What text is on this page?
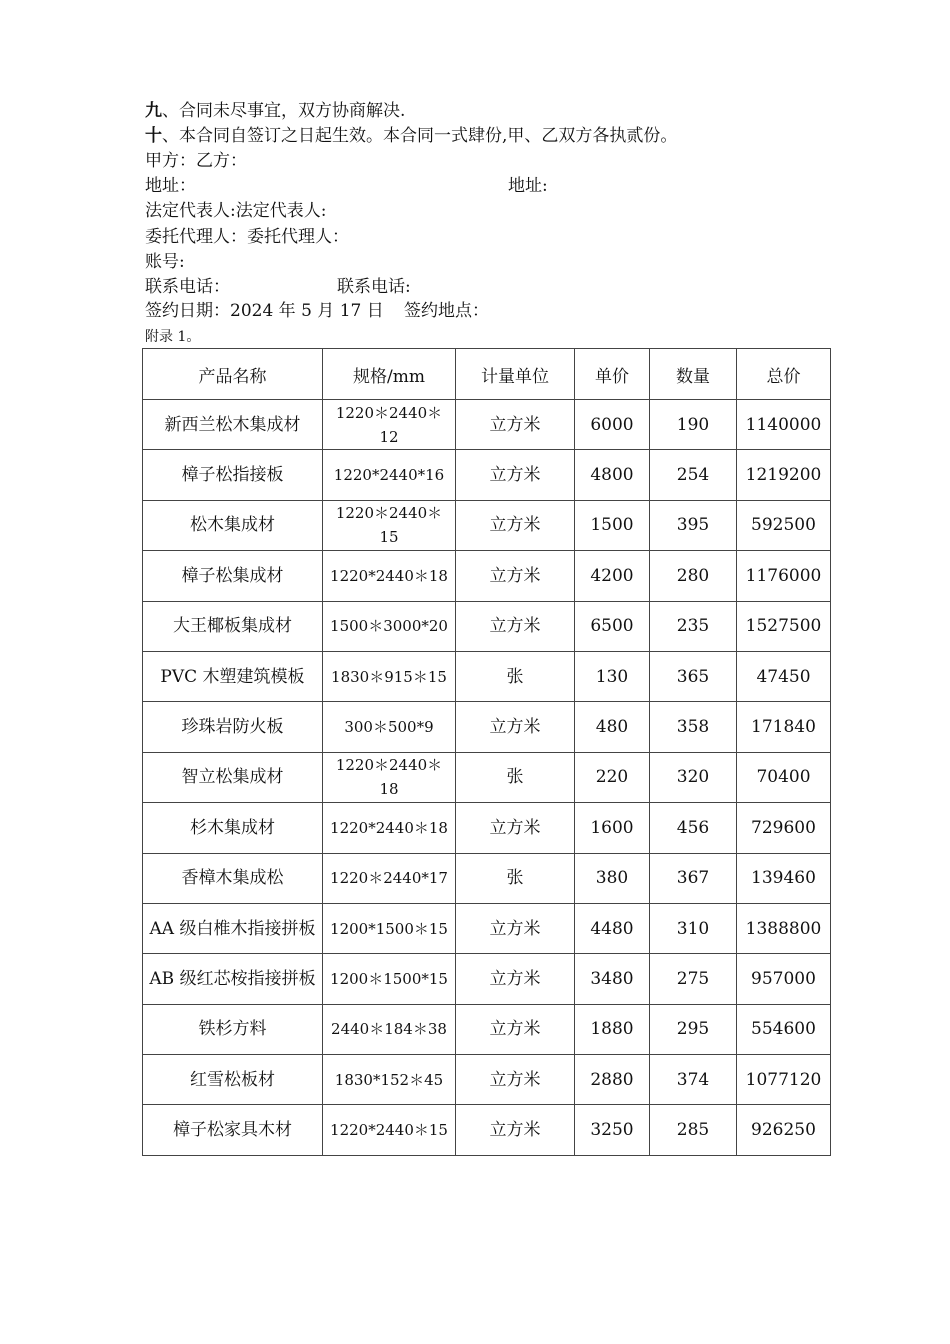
九、合同未尽事宜，双方协商解决.
十、本合同自签订之日起生效。本合同一式肆份,甲、乙双方各执贰份。
甲方：乙方：
地址：	地址:
法定代表人:法定代表人:
委托代理人：委托代理人：
账号:
联系电话：	联系电话:
签约日期：2024 年 5 月 17 日 签约地点：
附录 1。
产品名称	规格/mm	计量单位	单价	数量	总价
新西兰松木集成材	1220＊2440＊12	立方米	6000	190	1140000
樟子松指接板	1220*2440*16	立方米	4800	254	1219200
松木集成材	1220＊2440＊15	立方米	1500	395	592500
樟子松集成材	1220*2440＊18	立方米	4200	280	1176000
大王椰板集成材	1500＊3000*20	立方米	6500	235	1527500
PVC 木塑建筑模板	1830＊915＊15	张	130	365	47450
珍珠岩防火板	300＊500*9	立方米	480	358	171840
智立松集成材	1220＊2440＊18	张	220	320	70400
杉木集成材	1220*2440＊18	立方米	1600	456	729600
香樟木集成松	1220＊2440*17	张	380	367	139460
AA 级白椎木指接拼板	1200*1500＊15	立方米	4480	310	1388800
AB 级红芯桉指接拼板	1200＊1500*15	立方米	3480	275	957000
铁杉方料	2440＊184＊38	立方米	1880	295	554600
红雪松板材	1830*152＊45	立方米	2880	374	1077120
樟子松家具木材	1220*2440＊15	立方米	3250	285	926250
